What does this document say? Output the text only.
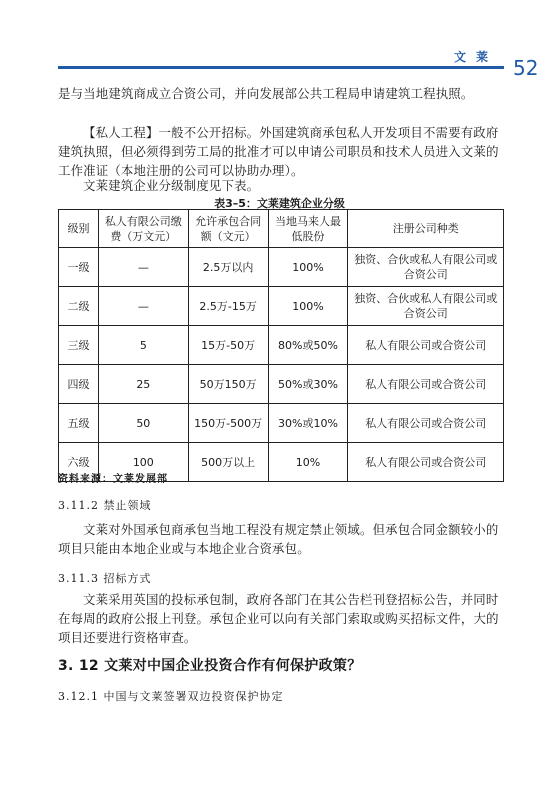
文莱 52
是与当地建筑商成立合资公司，并向发展部公共工程局申请建筑工程执照。
【私人工程】一般不公开招标。外国建筑商承包私人开发项目不需要有政府建筑执照，但必须得到劳工局的批准才可以申请公司职员和技术人员进入文莱的工作准证（本地注册的公司可以协助办理）。
文莱建筑企业分级制度见下表。
表3–5：文莱建筑企业分级
级别	私人有限公司缴费（万文元）	允许承包合同额（文元）	当地马来人最低股份	注册公司种类
一级	—	2.5万以内	100%	独资、合伙或私人有限公司或合资公司
二级	—	2.5万-15万	100%	独资、合伙或私人有限公司或合资公司
三级	5	15万-50万	80%或50%	私人有限公司或合资公司
四级	25	50万150万	50%或30%	私人有限公司或合资公司
五级	50	150万-500万	30%或10%	私人有限公司或合资公司
六级	100	500万以上	10%	私人有限公司或合资公司
资料来源：文莱发展部
3.11.2 禁止领域
文莱对外国承包商承包当地工程没有规定禁止领域。但承包合同金额较小的项目只能由本地企业或与本地企业合资承包。
3.11.3 招标方式
文莱采用英国的投标承包制，政府各部门在其公告栏刊登招标公告，并同时在每周的政府公报上刊登。承包企业可以向有关部门索取或购买招标文件，大的项目还要进行资格审查。
3. 12 文莱对中国企业投资合作有何保护政策？
3.12.1 中国与文莱签署双边投资保护协定
